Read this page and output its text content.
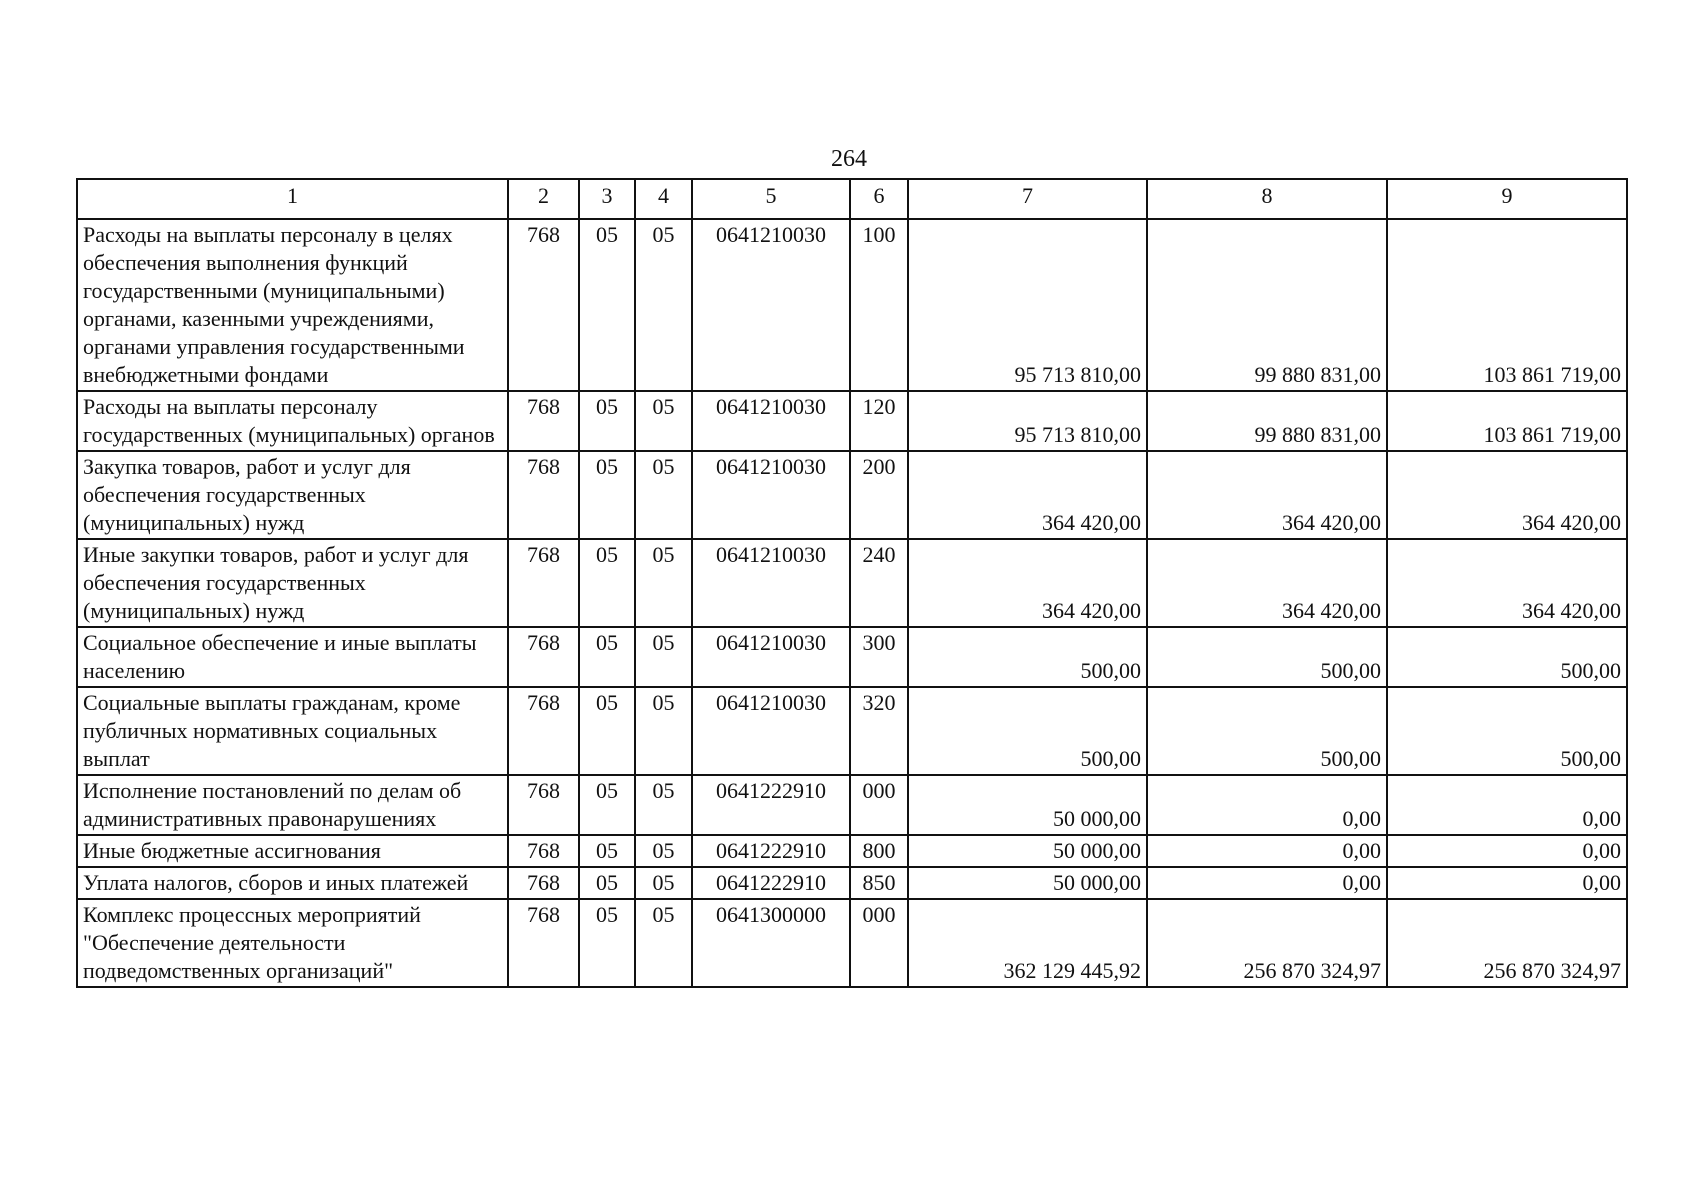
264
1	2	3	4	5	6	7	8	9
Расходы на выплаты персоналу в целях обеспечения выполнения функций государственными (муниципальными) органами, казенными учреждениями, органами управления государственными внебюджетными фондами	768	05	05	0641210030	100	95 713 810,00	99 880 831,00	103 861 719,00
Расходы на выплаты персоналу государственных (муниципальных) органов	768	05	05	0641210030	120	95 713 810,00	99 880 831,00	103 861 719,00
Закупка товаров, работ и услуг для обеспечения государственных (муниципальных) нужд	768	05	05	0641210030	200	364 420,00	364 420,00	364 420,00
Иные закупки товаров, работ и услуг для обеспечения государственных (муниципальных) нужд	768	05	05	0641210030	240	364 420,00	364 420,00	364 420,00
Социальное обеспечение и иные выплаты населению	768	05	05	0641210030	300	500,00	500,00	500,00
Социальные выплаты гражданам, кроме публичных нормативных социальных выплат	768	05	05	0641210030	320	500,00	500,00	500,00
Исполнение постановлений по делам об административных правонарушениях	768	05	05	0641222910	000	50 000,00	0,00	0,00
Иные бюджетные ассигнования	768	05	05	0641222910	800	50 000,00	0,00	0,00
Уплата налогов, сборов и иных платежей	768	05	05	0641222910	850	50 000,00	0,00	0,00
Комплекс процессных мероприятий "Обеспечение деятельности подведомственных организаций"	768	05	05	0641300000	000	362 129 445,92	256 870 324,97	256 870 324,97
